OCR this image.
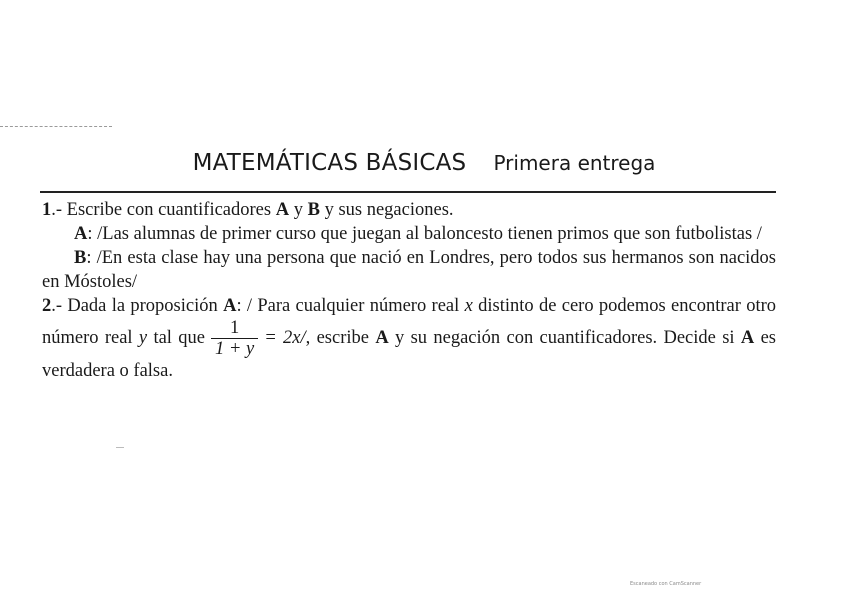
MATEMÁTICAS BÁSICAS Primera entrega

1.- Escribe con cuantificadores A y B y sus negaciones.

A: /Las alumnas de primer curso que juegan al baloncesto tienen primos que son futbolistas /

B: /En esta clase hay una persona que nació en Londres, pero todos sus hermanos son nacidos en Móstoles/

2.- Dada la proposición A: / Para cualquier número real x distinto de cero podemos encontrar otro número real y tal que $\frac{1}{1 + y} = 2x/$, escribe A y su negación con cuantificadores. Decide si A es verdadera o falsa.

Escaneado con CamScanner
